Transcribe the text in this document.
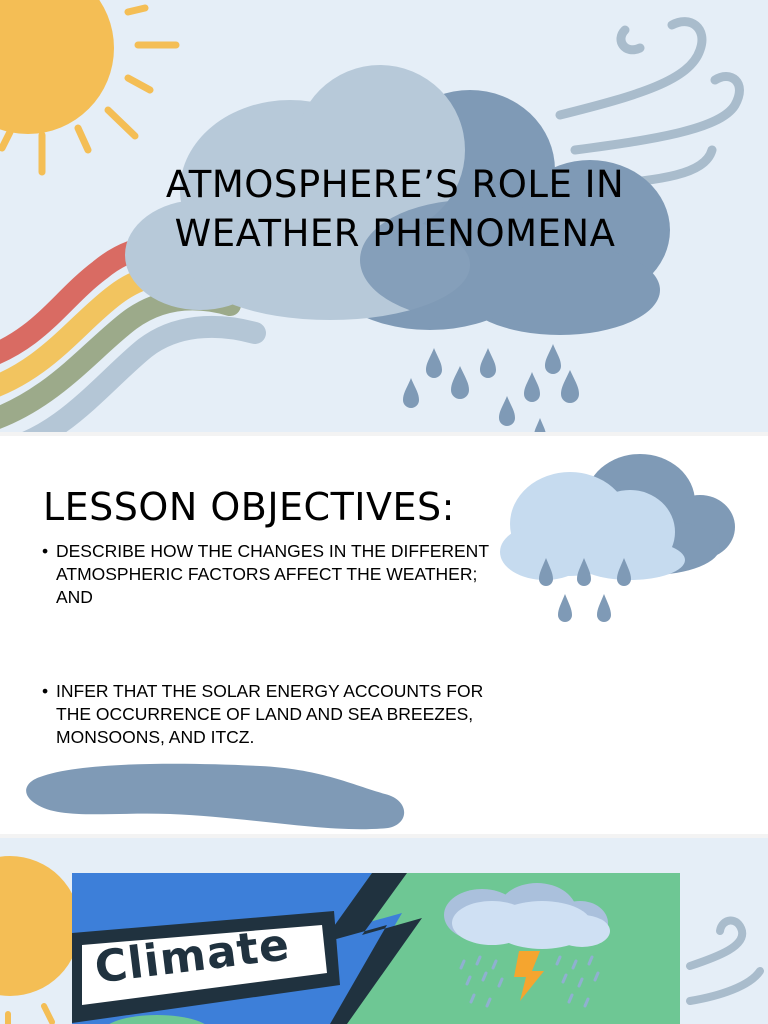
ATMOSPHERE’S ROLE IN
WEATHER PHENOMENA
LESSON OBJECTIVES:
• DESCRIBE HOW THE CHANGES IN THE DIFFERENT ATMOSPHERIC FACTORS AFFECT THE WEATHER; AND
• INFER THAT THE SOLAR ENERGY ACCOUNTS FOR THE OCCURRENCE OF LAND AND SEA BREEZES, MONSOONS, AND ITCZ.
Climate
